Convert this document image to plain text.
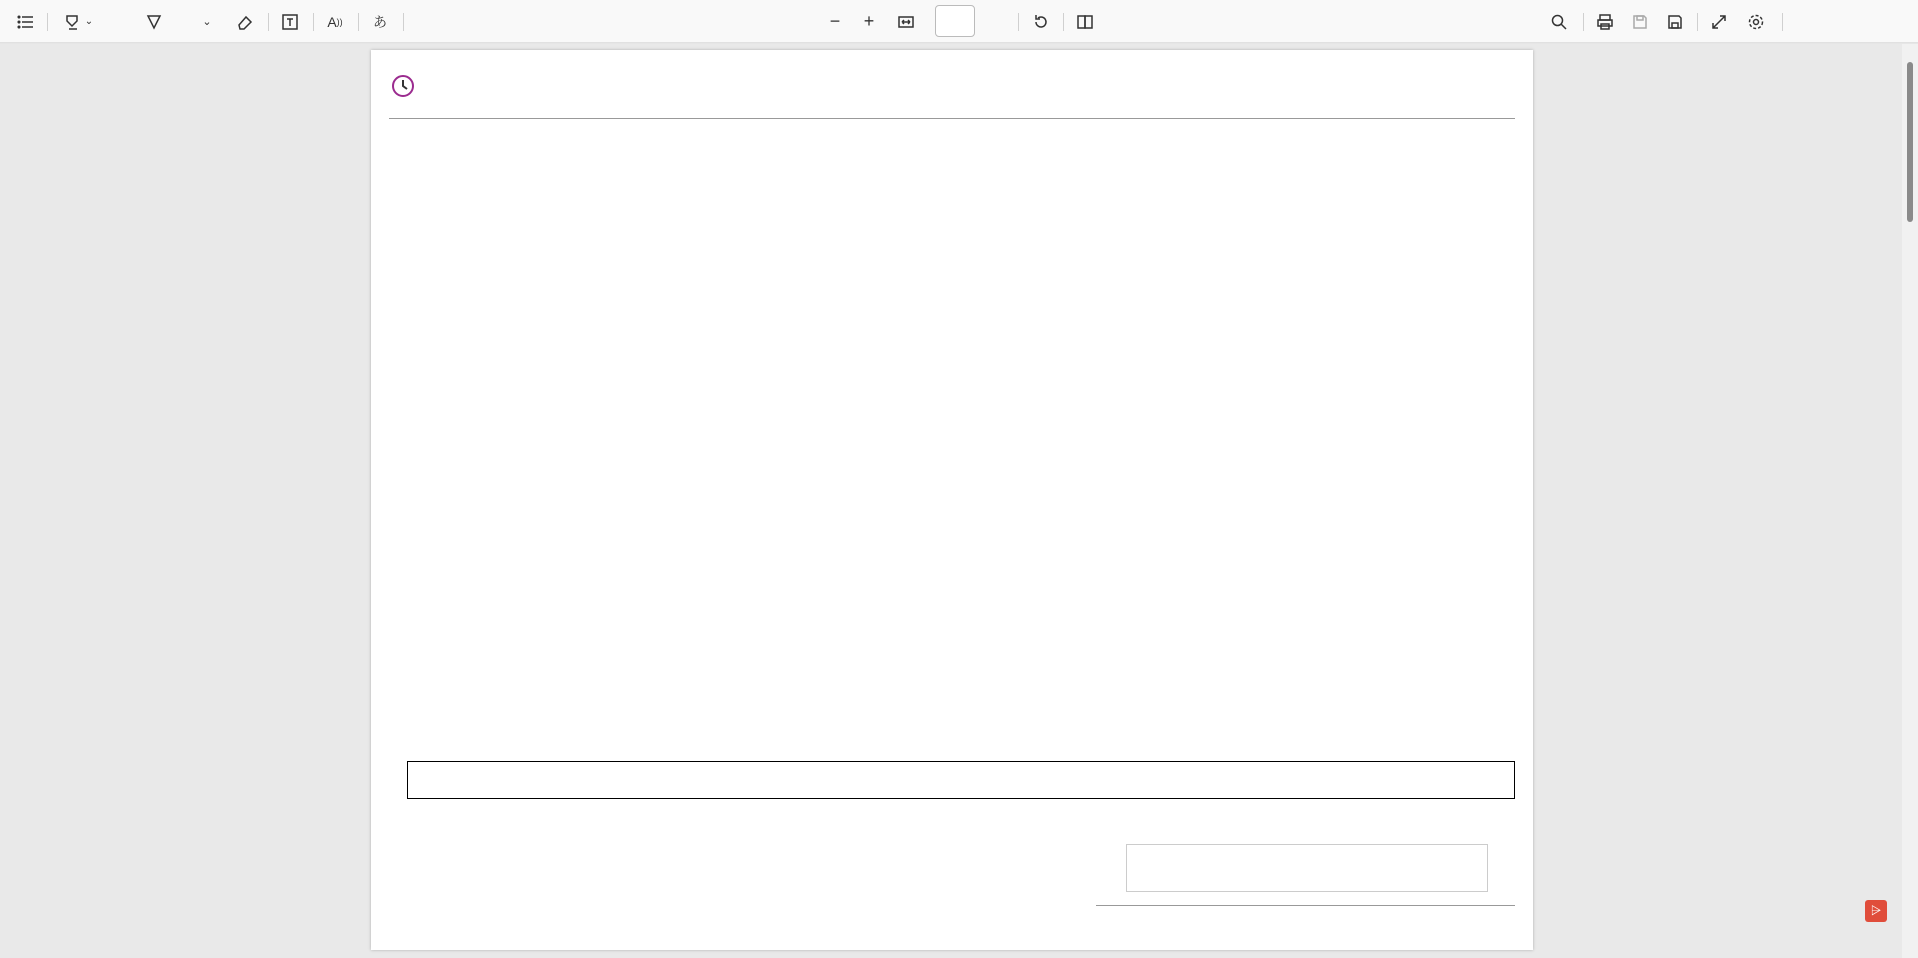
⌄	⌄	A ))	あ	−	+
⩥
